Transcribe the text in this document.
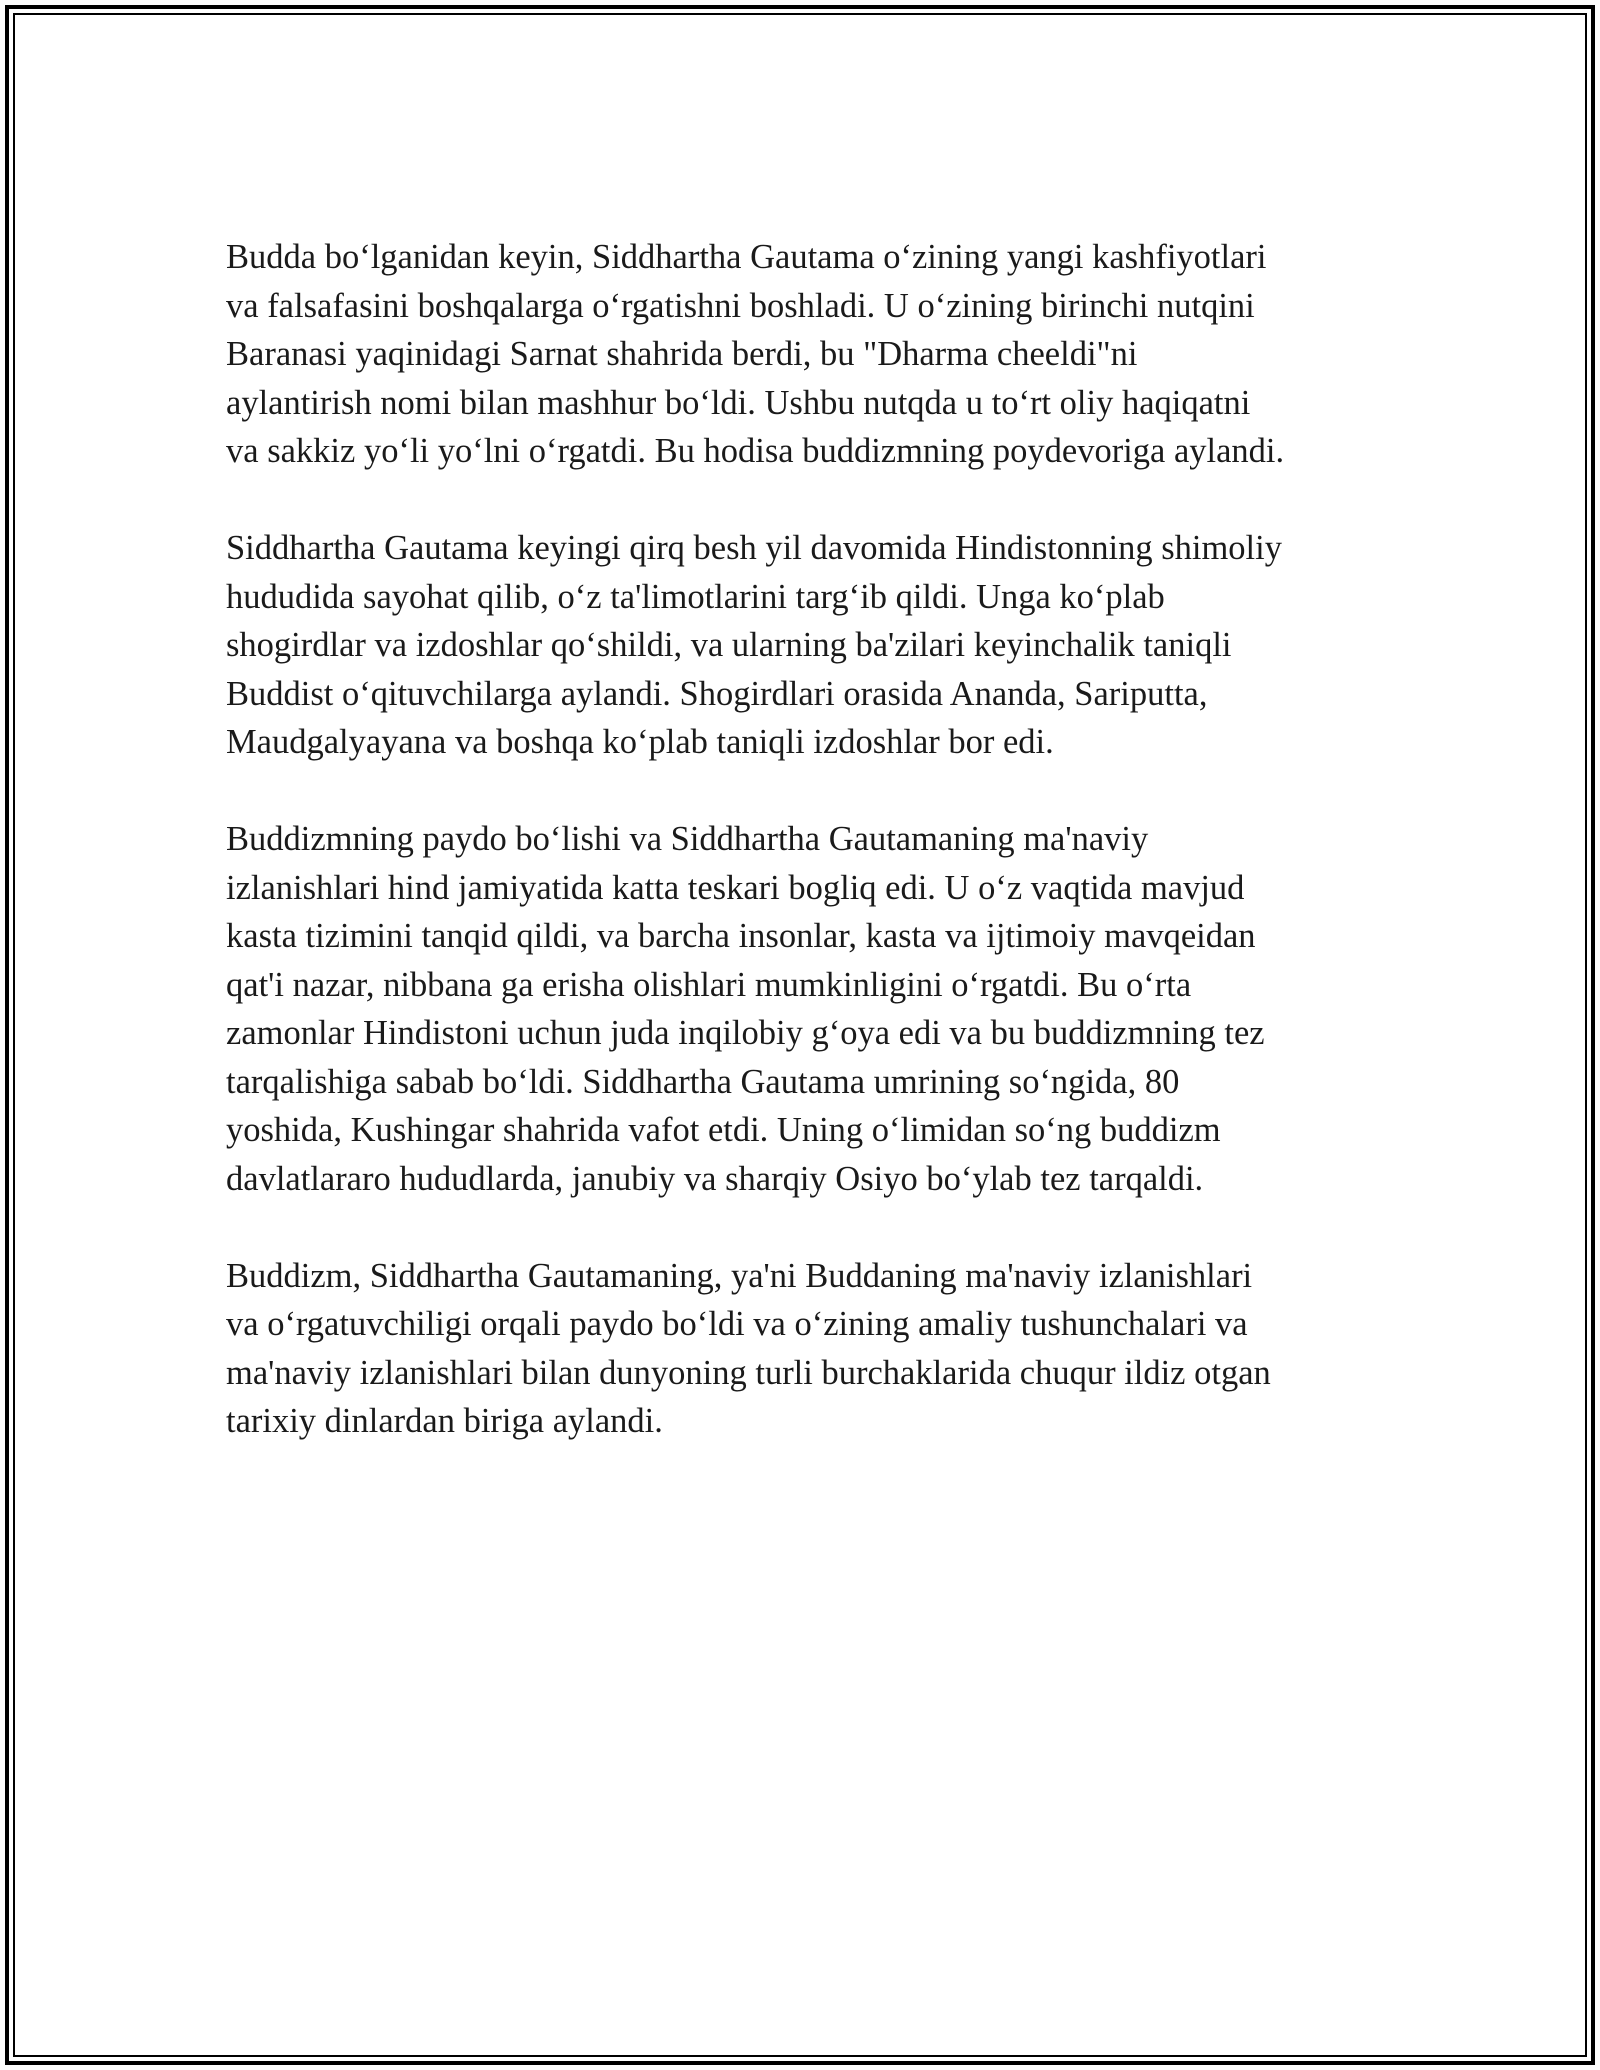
Budda bo‘lganidan keyin, Siddhartha Gautama o‘zining yangi kashfiyotlari
va falsafasini boshqalarga o‘rgatishni boshladi. U o‘zining birinchi nutqini
Baranasi yaqinidagi Sarnat shahrida berdi, bu "Dharma cheeldi"ni
aylantirish nomi bilan mashhur bo‘ldi. Ushbu nutqda u to‘rt oliy haqiqatni
va sakkiz yo‘li yo‘lni o‘rgatdi. Bu hodisa buddizmning poydevoriga aylandi.

Siddhartha Gautama keyingi qirq besh yil davomida Hindistonning shimoliy
hududida sayohat qilib, o‘z ta'limotlarini targ‘ib qildi. Unga ko‘plab
shogirdlar va izdoshlar qo‘shildi, va ularning ba'zilari keyinchalik taniqli
Buddist o‘qituvchilarga aylandi. Shogirdlari orasida Ananda, Sariputta,
Maudgalyayana va boshqa ko‘plab taniqli izdoshlar bor edi.

Buddizmning paydo bo‘lishi va Siddhartha Gautamaning ma'naviy
izlanishlari hind jamiyatida katta teskari bogliq edi. U o‘z vaqtida mavjud
kasta tizimini tanqid qildi, va barcha insonlar, kasta va ijtimoiy mavqeidan
qat'i nazar, nibbana ga erisha olishlari mumkinligini o‘rgatdi. Bu o‘rta
zamonlar Hindistoni uchun juda inqilobiy g‘oya edi va bu buddizmning tez
tarqalishiga sabab bo‘ldi. Siddhartha Gautama umrining so‘ngida, 80
yoshida, Kushingar shahrida vafot etdi. Uning o‘limidan so‘ng buddizm
davlatlararo hududlarda, janubiy va sharqiy Osiyo bo‘ylab tez tarqaldi.

Buddizm, Siddhartha Gautamaning, ya'ni Buddaning ma'naviy izlanishlari
va o‘rgatuvchiligi orqali paydo bo‘ldi va o‘zining amaliy tushunchalari va
ma'naviy izlanishlari bilan dunyoning turli burchaklarida chuqur ildiz otgan
tarixiy dinlardan biriga aylandi.
